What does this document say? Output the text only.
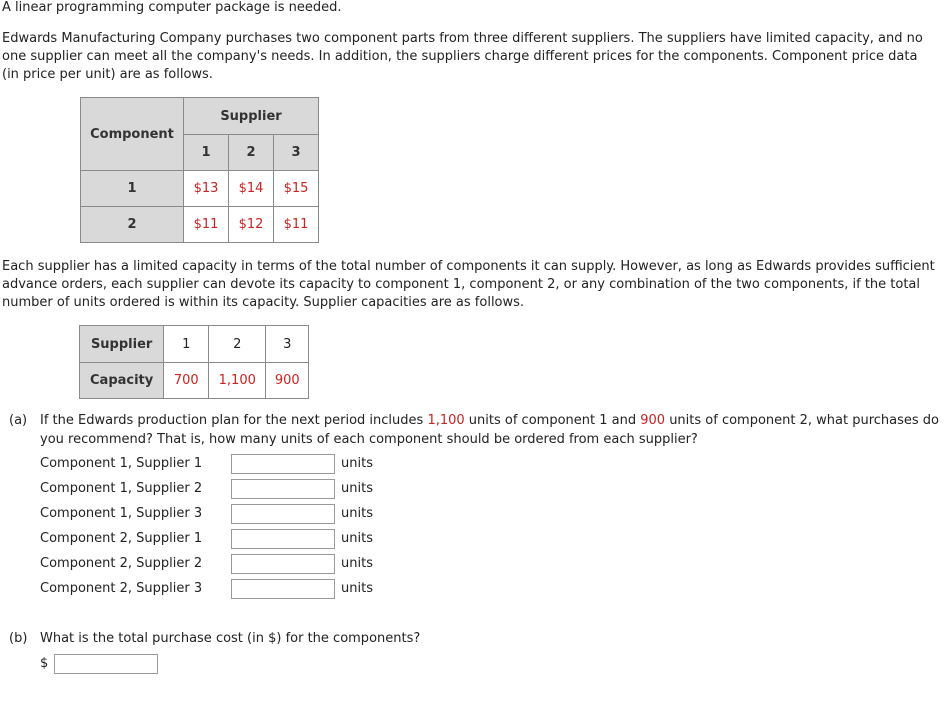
A linear programming computer package is needed.

Edwards Manufacturing Company purchases two component parts from three different suppliers. The suppliers have limited capacity, and no one supplier can meet all the company's needs. In addition, the suppliers charge different prices for the components. Component price data (in price per unit) are as follows.

Component	Supplier		
	1	2	3
1	$13	$14	$15
2	$11	$12	$11

Each supplier has a limited capacity in terms of the total number of components it can supply. However, as long as Edwards provides sufficient advance orders, each supplier can devote its capacity to component 1, component 2, or any combination of the two components, if the total number of units ordered is within its capacity. Supplier capacities are as follows.

Supplier	1	2	3
Capacity	700	1,100	900
(a) If the Edwards production plan for the next period includes 1,100 units of component 1 and 900 units of component 2, what purchases do you recommend? That is, how many units of each component should be ordered from each supplier?
Component 1, Supplier 1	units
Component 1, Supplier 2	units
Component 1, Supplier 3	units
Component 2, Supplier 1	units
Component 2, Supplier 2	units
Component 2, Supplier 3	units
(b) What is the total purchase cost (in $) for the components?
$
